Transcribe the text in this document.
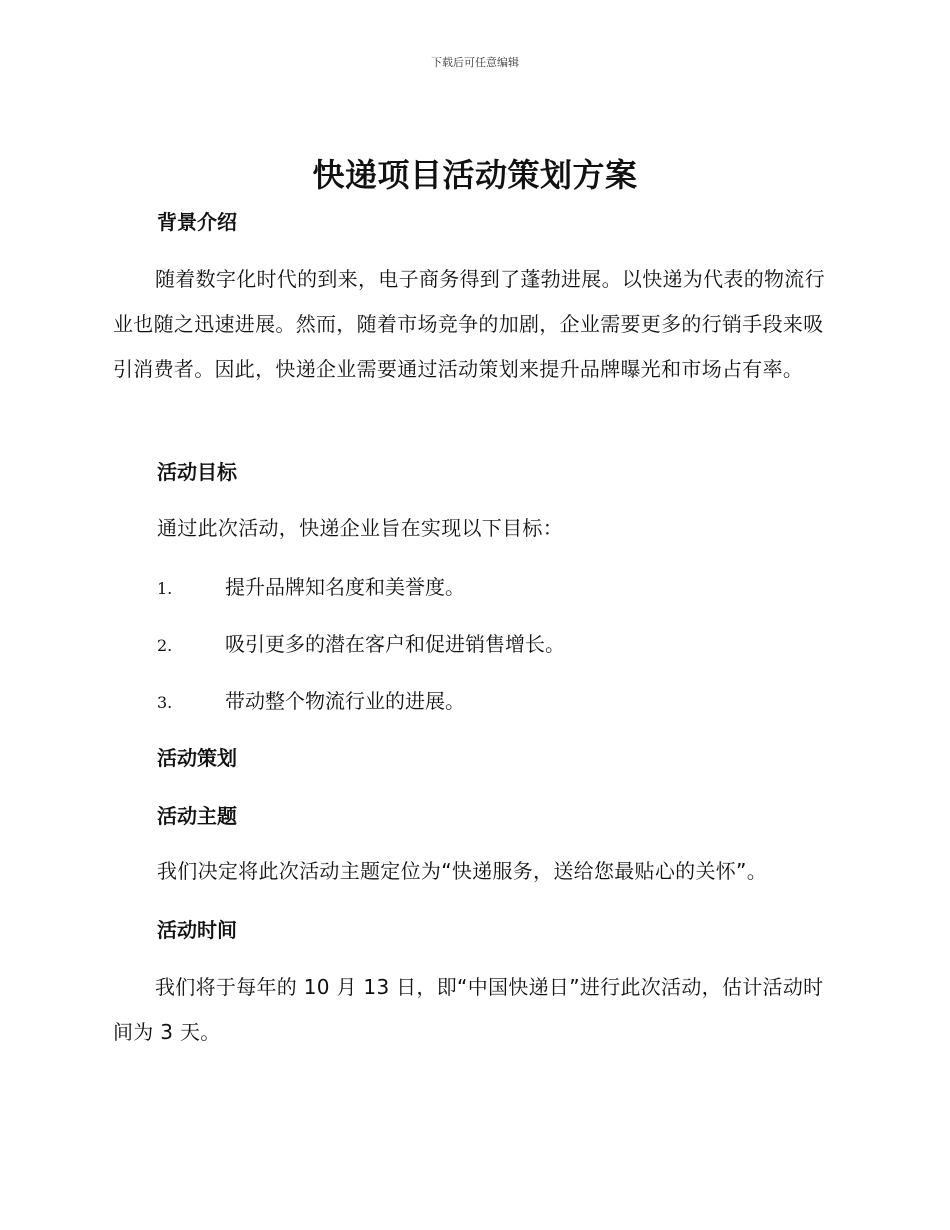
下载后可任意编辑
快递项目活动策划方案
背景介绍

随着数字化时代的到来，电子商务得到了蓬勃进展。以快递为代表的物流行业也随之迅速进展。然而，随着市场竞争的加剧，企业需要更多的行销手段来吸引消费者。因此，快递企业需要通过活动策划来提升品牌曝光和市场占有率。

活动目标

通过此次活动，快递企业旨在实现以下目标：

1.	提升品牌知名度和美誉度。
2.	吸引更多的潜在客户和促进销售增长。
3.	带动整个物流行业的进展。
活动策划
活动主题

我们决定将此次活动主题定位为“快递服务，送给您最贴心的关怀”。

活动时间

我们将于每年的 10 月 13 日，即“中国快递日”进行此次活动，估计活动时间为 3 天。
